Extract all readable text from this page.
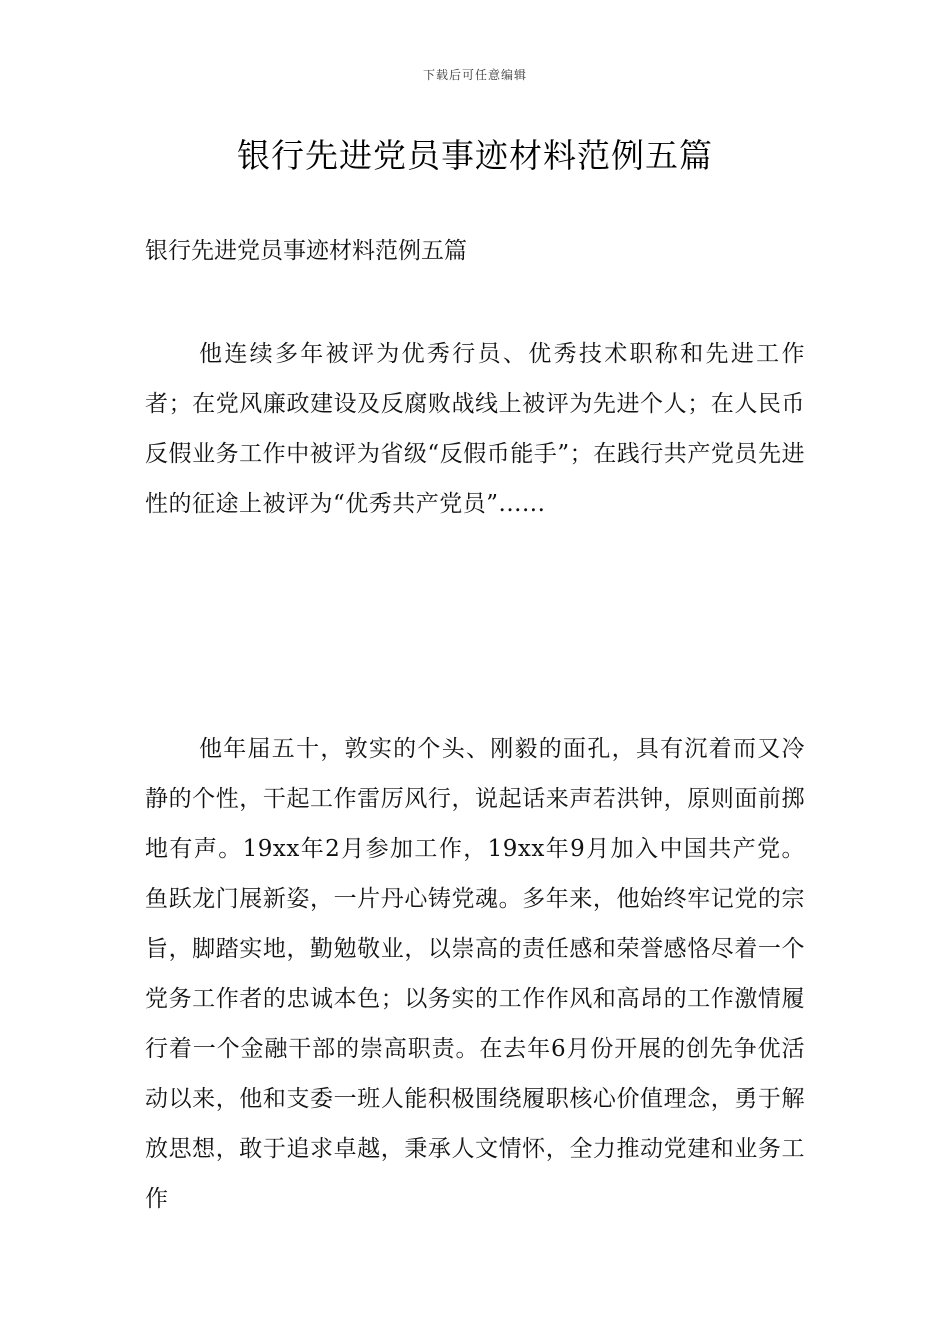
下载后可任意编辑
银行先进党员事迹材料范例五篇

银行先进党员事迹材料范例五篇

他连续多年被评为优秀行员、优秀技术职称和先进工作者；在党风廉政建设及反腐败战线上被评为先进个人；在人民币反假业务工作中被评为省级“反假币能手”；在践行共产党员先进性的征途上被评为“优秀共产党员”......

他年届五十，敦实的个头、刚毅的面孔，具有沉着而又冷静的个性，干起工作雷厉风行，说起话来声若洪钟，原则面前掷地有声。19xx年2月参加工作，19xx年9月加入中国共产党。鱼跃龙门展新姿，一片丹心铸党魂。多年来，他始终牢记党的宗旨，脚踏实地，勤勉敬业，以崇高的责任感和荣誉感恪尽着一个党务工作者的忠诚本色；以务实的工作作风和高昂的工作激情履行着一个金融干部的崇高职责。在去年6月份开展的创先争优活动以来，他和支委一班人能积极围绕履职核心价值理念，勇于解放思想，敢于追求卓越，秉承人文情怀，全力推动党建和业务工作
